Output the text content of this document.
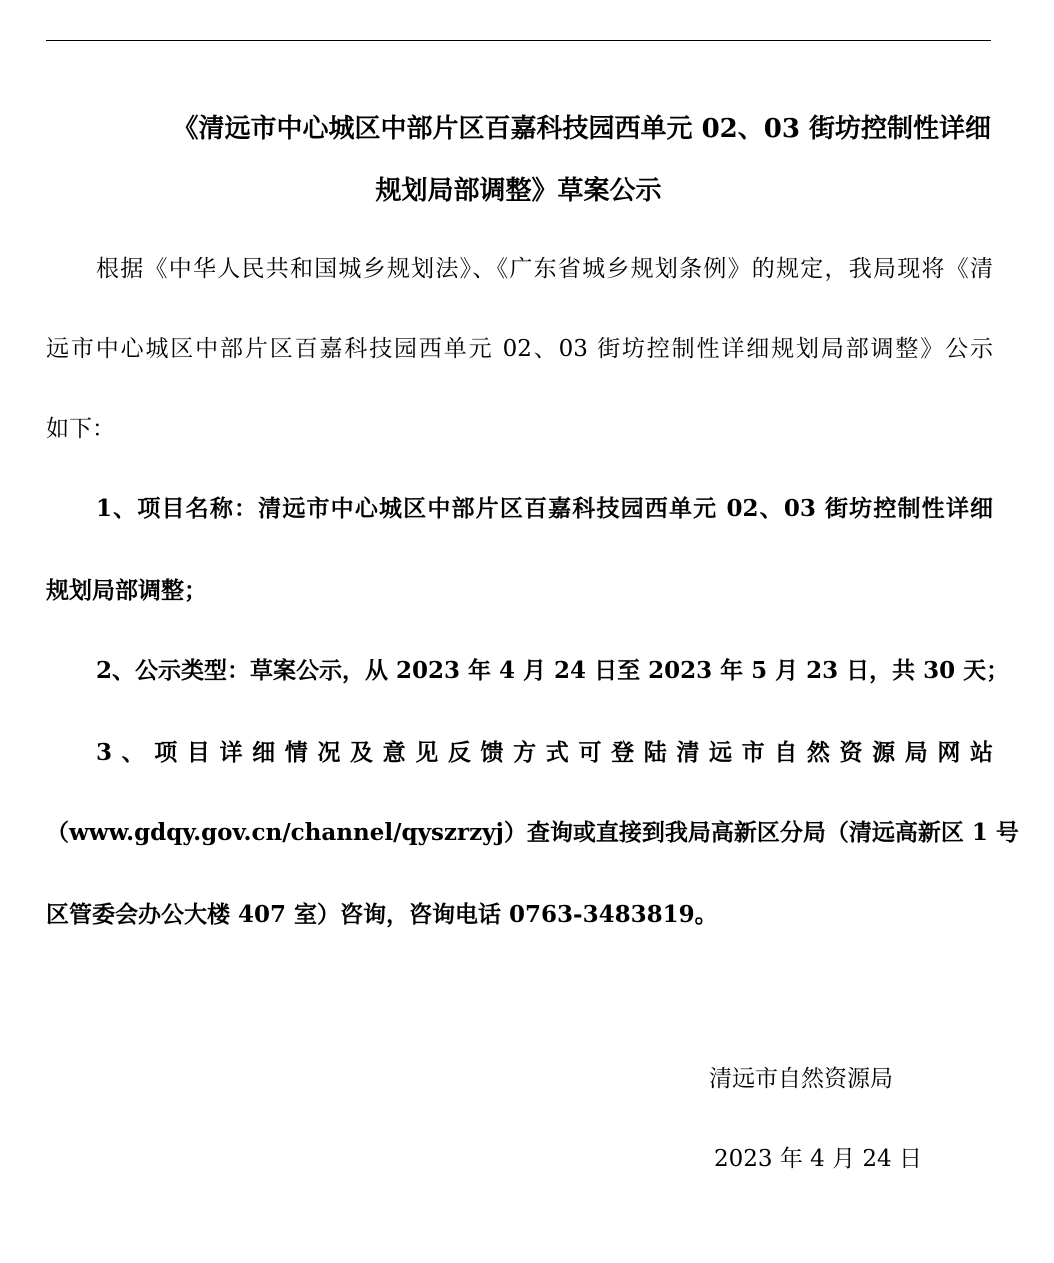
《清远市中心城区中部片区百嘉科技园西单元 02、03 街坊控制性详细
规划局部调整》草案公示
根据《中华人民共和国城乡规划法》、《广东省城乡规划条例》的规定，我局现将《清
远市中心城区中部片区百嘉科技园西单元 02、03 街坊控制性详细规划局部调整》公示
如下：
1、项目名称：清远市中心城区中部片区百嘉科技园西单元 02、03 街坊控制性详细
规划局部调整；
2、公示类型：草案公示，从 2023 年 4 月 24 日至 2023 年 5 月 23 日，共 30 天；
3、项目详细情况及意见反馈方式可登陆清远市自然资源局网站
（www.gdqy.gov.cn/channel/qyszrzyj）查询或直接到我局高新区分局（清远高新区 1 号
区管委会办公大楼 407 室）咨询，咨询电话 0763-3483819。
清远市自然资源局
2023 年 4 月 24 日
